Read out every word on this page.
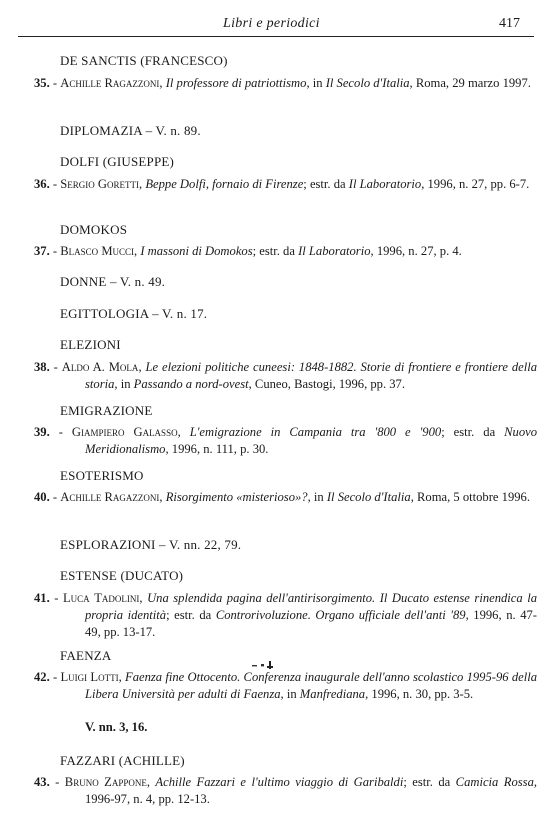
Libri e periodici	417
DE SANCTIS (FRANCESCO)
35. - Achille Ragazzoni, Il professore di patriottismo, in Il Secolo d'Italia, Roma, 29 marzo 1997.
DIPLOMAZIA – V. n. 89.
DOLFI (GIUSEPPE)
36. - Sergio Goretti, Beppe Dolfi, fornaio di Firenze; estr. da Il Laboratorio, 1996, n. 27, pp. 6-7.
DOMOKOS
37. - Blasco Mucci, I massoni di Domokos; estr. da Il Laboratorio, 1996, n. 27, p. 4.
DONNE – V. n. 49.
EGITTOLOGIA – V. n. 17.
ELEZIONI
38. - Aldo A. Mola, Le elezioni politiche cuneesi: 1848-1882. Storie di frontiere e frontiere della storia, in Passando a nord-ovest, Cuneo, Bastogi, 1996, pp. 37.
EMIGRAZIONE
39. - Giampiero Galasso, L'emigrazione in Campania tra '800 e '900; estr. da Nuovo Meridionalismo, 1996, n. 111, p. 30.
ESOTERISMO
40. - Achille Ragazzoni, Risorgimento «misterioso»?, in Il Secolo d'Italia, Roma, 5 ottobre 1996.
ESPLORAZIONI – V. nn. 22, 79.
ESTENSE (DUCATO)
41. - Luca Tadolini, Una splendida pagina dell'antirisorgimento. Il Ducato estense rinendica la propria identità; estr. da Controrivoluzione. Organo ufficiale dell'anti '89, 1996, n. 47-49, pp. 13-17.
FAENZA
42. - Luigi Lotti, Faenza fine Ottocento. Conferenza inaugurale dell'anno scolastico 1995-96 della Libera Università per adulti di Faenza, in Manfrediana, 1996, n. 30, pp. 3-5.
V. nn. 3, 16.
FAZZARI (ACHILLE)
43. - Bruno Zappone, Achille Fazzari e l'ultimo viaggio di Garibaldi; estr. da Camicia Rossa, 1996-97, n. 4, pp. 12-13.
